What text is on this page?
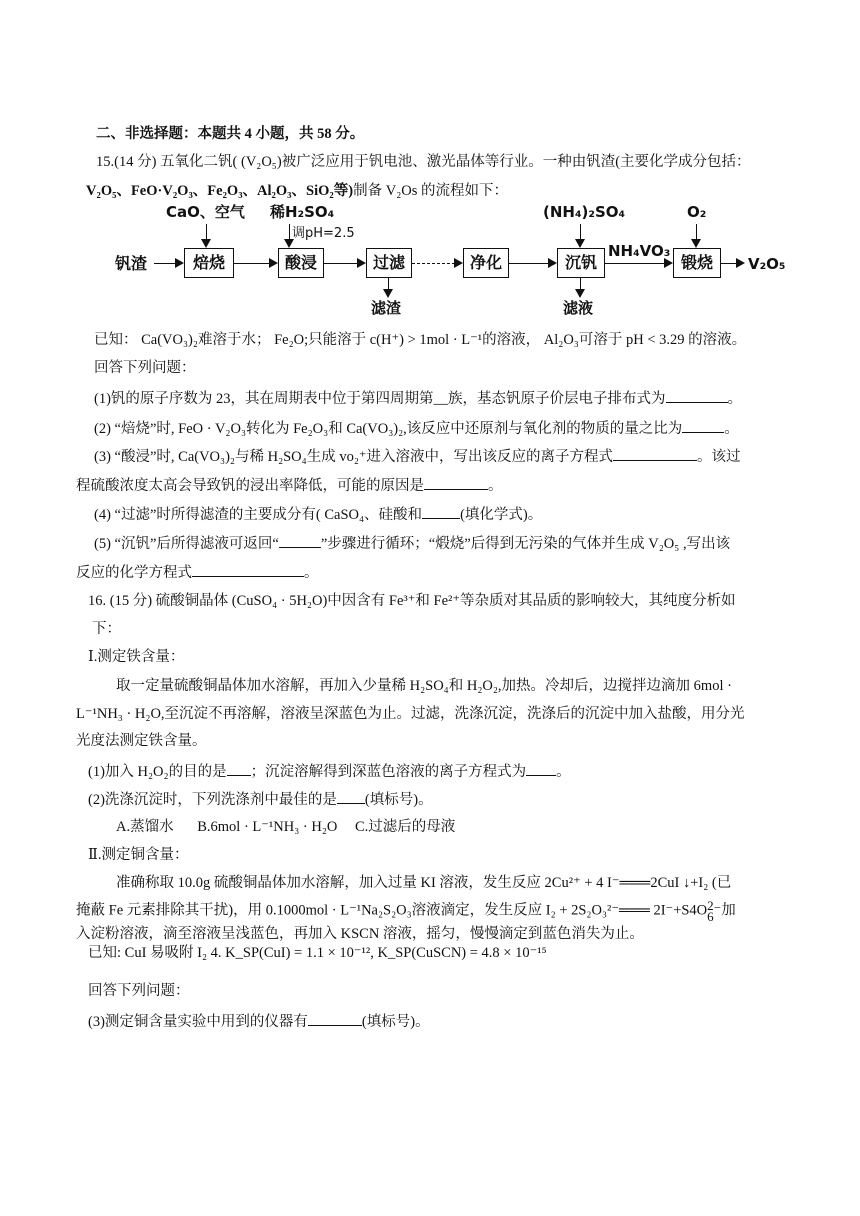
二、非选择题：本题共 4 小题，共 58 分。
15.(14 分) 五氧化二钒( (V₂O₅)被广泛应用于钒电池、激光晶体等行业。一种由钒渣(主要化学成分包括：
V₂O₅、FeO·V₂O₃、Fe₂O₃、Al₂O₃、SiO₂等)制备 V₂Os 的流程如下：
钒渣	焙烧
CaO、空气
酸浸
稀H₂SO₄
调pH=2.5
过滤
滤渣
净化	沉钒
(NH₄)₂SO₄
滤液
NH₄VO₃
锻烧
O₂
V₂O₅
已知： Ca(VO₃)₂难溶于水； Fe₂O;只能溶于 c(H⁺) > 1mol · L⁻¹的溶液， Al₂O₃可溶于 pH < 3.29 的溶液。
回答下列问题：
(1)钒的原子序数为 23，其在周期表中位于第四周期第__族，基态钒原子价层电子排布式为	。
(2) “焙烧”时, FeO · V₂O₃转化为 Fe₂O₃和 Ca(VO₃)₂,该反应中还原剂与氧化剂的物质的量之比为	。
(3) “酸浸”时, Ca(VO₃)₂与稀 H₂SO₄生成 vo₂⁺进入溶液中，写出该反应的离子方程式	。该过
程硫酸浓度太高会导致钒的浸出率降低，可能的原因是	。
(4) “过滤”时所得滤渣的主要成分有( CaSO₄、硅酸和	(填化学式)。
(5) “沉钒”后所得滤液可返回“	”步骤进行循环；“煅烧”后得到无污染的气体并生成 V₂O₅ ,写出该
反应的化学方程式	。
16. (15 分) 硫酸铜晶体 (CuSO₄ · 5H₂O)中因含有 Fe³⁺和 Fe²⁺等杂质对其品质的影响较大，其纯度分析如
下：
Ⅰ.测定铁含量：
取一定量硫酸铜晶体加水溶解，再加入少量稀 H₂SO₄和 H₂O₂,加热。冷却后，边搅拌边滴加 6mol ·
L⁻¹NH₃ · H₂O,至沉淀不再溶解，溶液呈深蓝色为止。过滤，洗涤沉淀，洗涤后的沉淀中加入盐酸，用分光
光度法测定铁含量。
(1)加入 H₂O₂的目的是 ；沉淀溶解得到深蓝色溶液的离子方程式为 。
(2)洗涤沉淀时，下列洗涤剂中最佳的是 (填标号)。
A.蒸馏水 B.6mol · L⁻¹NH₃ · H₂O C.过滤后的母液
Ⅱ.测定铜含量：
准确称取 10.0g 硫酸铜晶体加水溶解，加入过量 KI 溶液，发生反应 2Cu²⁺ + 4 I⁻═══2CuI ↓+I₂ (已
掩蔽 Fe 元素排除其干扰)，用 0.1000mol · L⁻¹Na₂S₂O₃溶液滴定，发生反应 I₂ + 2S₂O₃²⁻═══ 2I⁻+S4O 2
6 ⁻加
入淀粉溶液，滴至溶液呈浅蓝色，再加入 KSCN 溶液，摇匀，慢慢滴定到蓝色消失为止。
已知: CuI 易吸附 I₂ 4. K_SP(CuI) = 1.1 × 10⁻¹², K_SP(CuSCN) = 4.8 × 10⁻¹⁵
回答下列问题：
(3)测定铜含量实验中用到的仪器有	(填标号)。
